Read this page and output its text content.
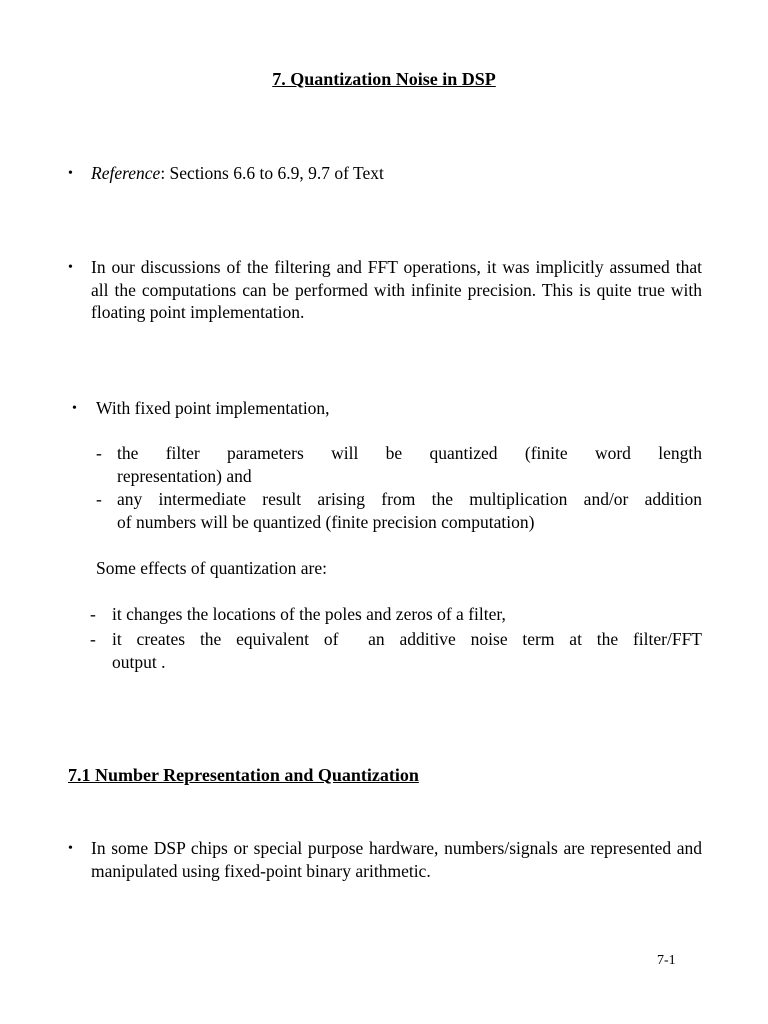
7. Quantization Noise in DSP
• Reference: Sections 6.6 to 6.9, 9.7 of Text
• In our discussions of the filtering and FFT operations, it was implicitly assumed that all the computations can be performed with infinite precision. This is quite true with floating point implementation.
• With fixed point implementation,
- the filter parameters will be quantized (finite word length
representation) and
- any intermediate result arising from the multiplication and/or addition
of numbers will be quantized (finite precision computation)
Some effects of quantization are:
- it changes the locations of the poles and zeros of a filter,
- it creates the equivalent of  an additive noise term at the filter/FFT
output .
7.1 Number Representation and Quantization
• In some DSP chips or special purpose hardware, numbers/signals are represented and manipulated using fixed-point binary arithmetic.
7-1
